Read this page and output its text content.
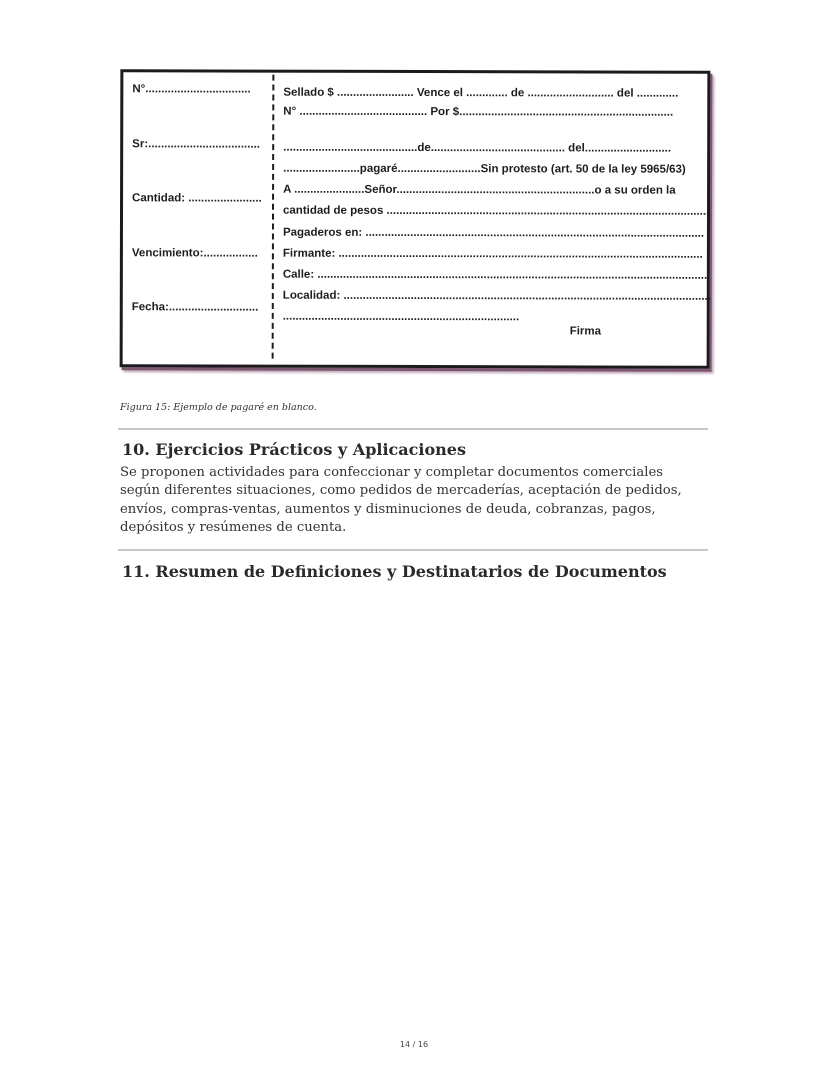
N°.................................
Sr:...................................
Cantidad: .......................
Vencimiento:.................
Fecha:............................
Sellado $ ........................ Vence el ............. de ........................... del .............
N° ........................................ Por $...................................................................
..........................................de.......................................... del...........................
........................pagaré..........................Sin protesto (art. 50 de la ley 5965/63)
A ......................Señor..............................................................o a su orden la
cantidad de pesos .....................................................................................................
Pagaderos en: ..........................................................................................................
Firmante: ..................................................................................................................
Calle: ..........................................................................................................................
Localidad: ...................................................................................................................
..........................................................................
Firma
Figura 15: Ejemplo de pagaré en blanco.
10. Ejercicios Prácticos y Aplicaciones

Se proponen actividades para confeccionar y completar documentos comerciales según diferentes situaciones, como pedidos de mercaderías, aceptación de pedidos, envíos, compras-ventas, aumentos y disminuciones de deuda, cobranzas, pagos, depósitos y resúmenes de cuenta.

11. Resumen de Definiciones y Destinatarios de Documentos
14 / 16
